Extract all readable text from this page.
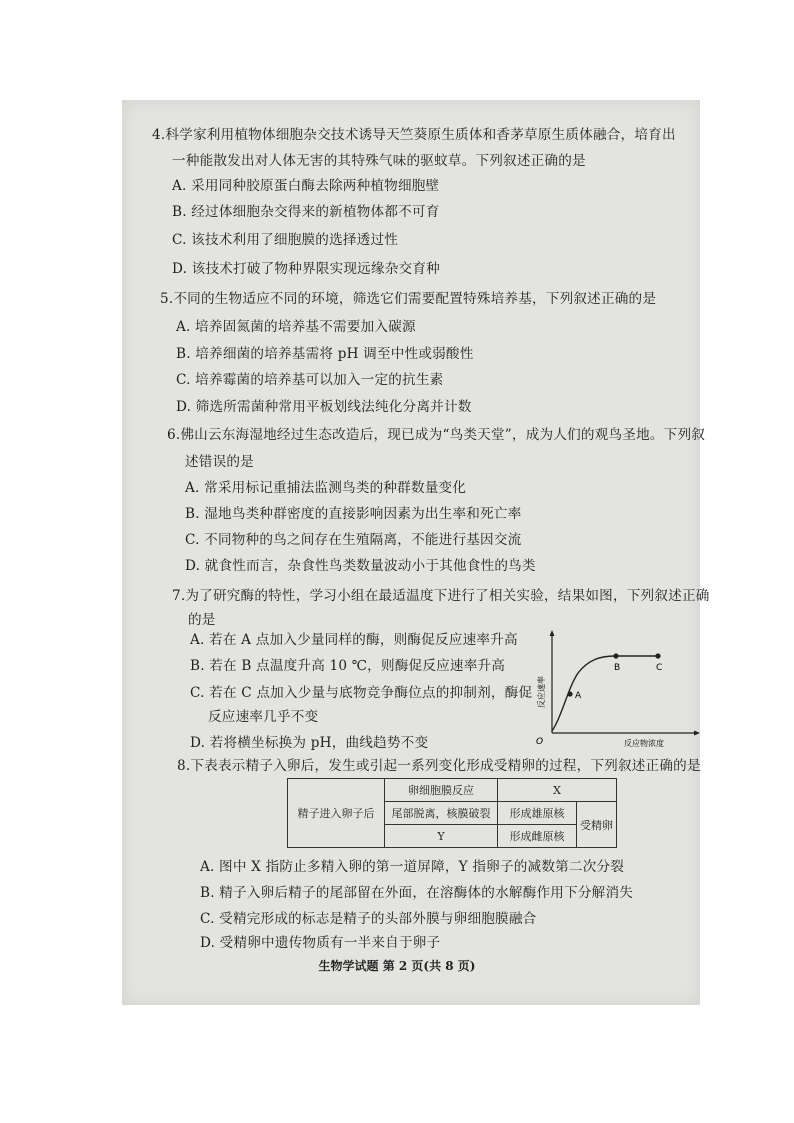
4.科学家利用植物体细胞杂交技术诱导天竺葵原生质体和香茅草原生质体融合，培育出
一种能散发出对人体无害的其特殊气味的驱蚊草。下列叙述正确的是
A. 采用同种胶原蛋白酶去除两种植物细胞壁
B. 经过体细胞杂交得来的新植物体都不可育
C. 该技术利用了细胞膜的选择透过性
D. 该技术打破了物种界限实现远缘杂交育种
5.不同的生物适应不同的环境，筛选它们需要配置特殊培养基，下列叙述正确的是
A. 培养固氮菌的培养基不需要加入碳源
B. 培养细菌的培养基需将 pH 调至中性或弱酸性
C. 培养霉菌的培养基可以加入一定的抗生素
D. 筛选所需菌种常用平板划线法纯化分离并计数
6.佛山云东海湿地经过生态改造后，现已成为“鸟类天堂”，成为人们的观鸟圣地。下列叙
述错误的是
A. 常采用标记重捕法监测鸟类的种群数量变化
B. 湿地鸟类种群密度的直接影响因素为出生率和死亡率
C. 不同物种的鸟之间存在生殖隔离，不能进行基因交流
D. 就食性而言，杂食性鸟类数量波动小于其他食性的鸟类
7.为了研究酶的特性，学习小组在最适温度下进行了相关实验，结果如图，下列叙述正确
的是
A. 若在 A 点加入少量同样的酶，则酶促反应速率升高
B. 若在 B 点温度升高 10 ℃，则酶促反应速率升高
C. 若在 C 点加入少量与底物竞争酶位点的抑制剂，酶促
反应速率几乎不变
D. 若将横坐标换为 pH，曲线趋势不变
A
B	C
O	反应物浓度
反应速率
8.下表表示精子入卵后，发生或引起一系列变化形成受精卵的过程，下列叙述正确的是
精子进入卵子后	卵细胞膜反应	X	
	尾部脱离，核膜破裂	形成雄原核	受精卵
	Y	形成雌原核	
A. 图中 X 指防止多精入卵的第一道屏障，Y 指卵子的减数第二次分裂
B. 精子入卵后精子的尾部留在外面，在溶酶体的水解酶作用下分解消失
C. 受精完形成的标志是精子的头部外膜与卵细胞膜融合
D. 受精卵中遗传物质有一半来自于卵子
生物学试题 第 2 页(共 8 页)
